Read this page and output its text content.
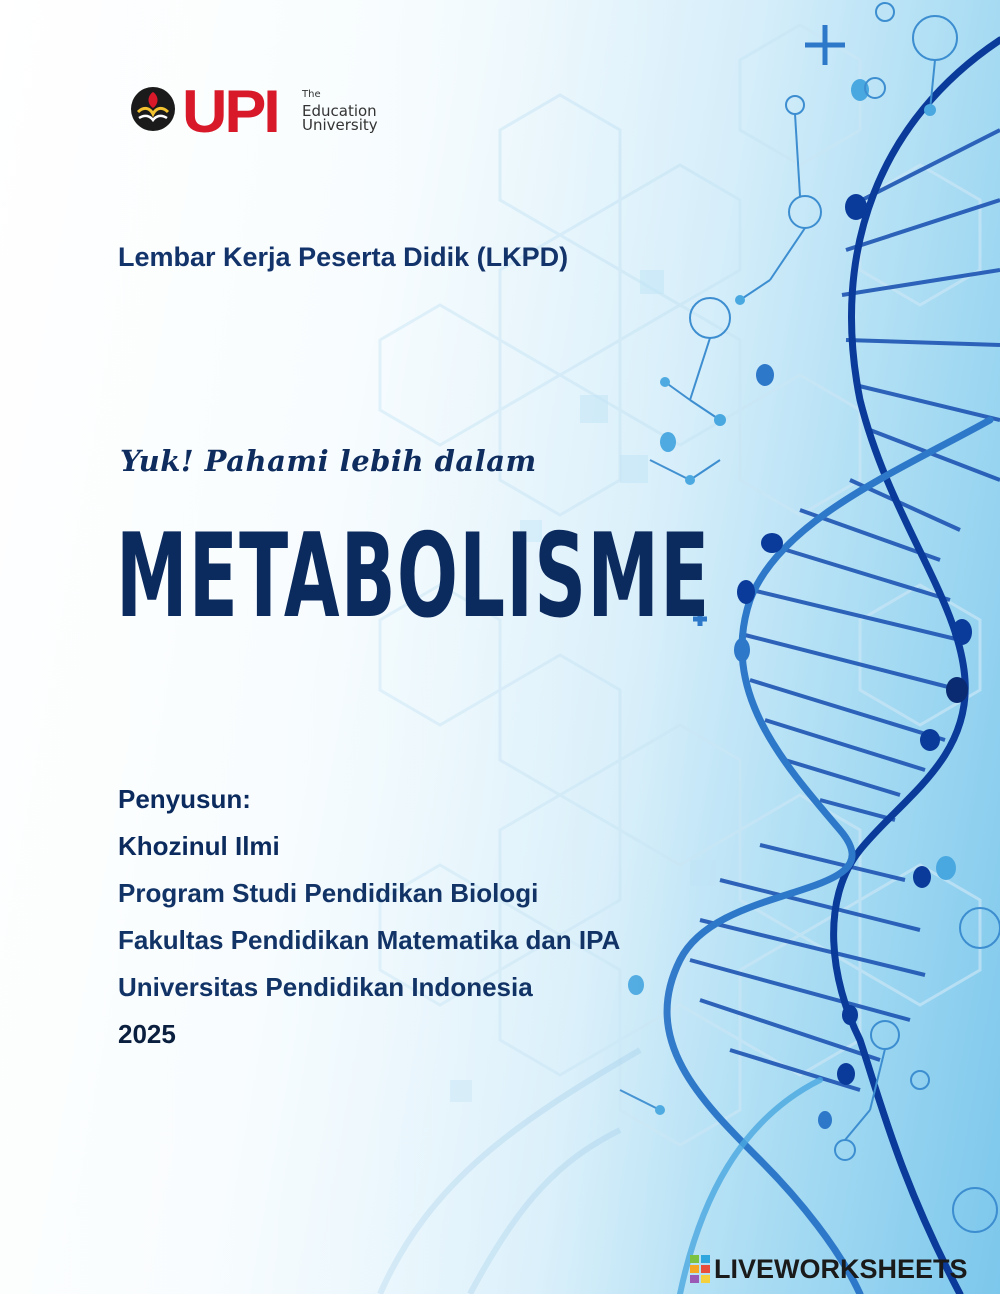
UPI The
Education
University
Lembar Kerja Peserta Didik (LKPD)
Yuk! Pahami lebih dalam
METABOLISME
Penyusun:
Khozinul Ilmi
Program Studi Pendidikan Biologi
Fakultas Pendidikan Matematika dan IPA
Universitas Pendidikan Indonesia
2025
LIVEWORKSHEETS
